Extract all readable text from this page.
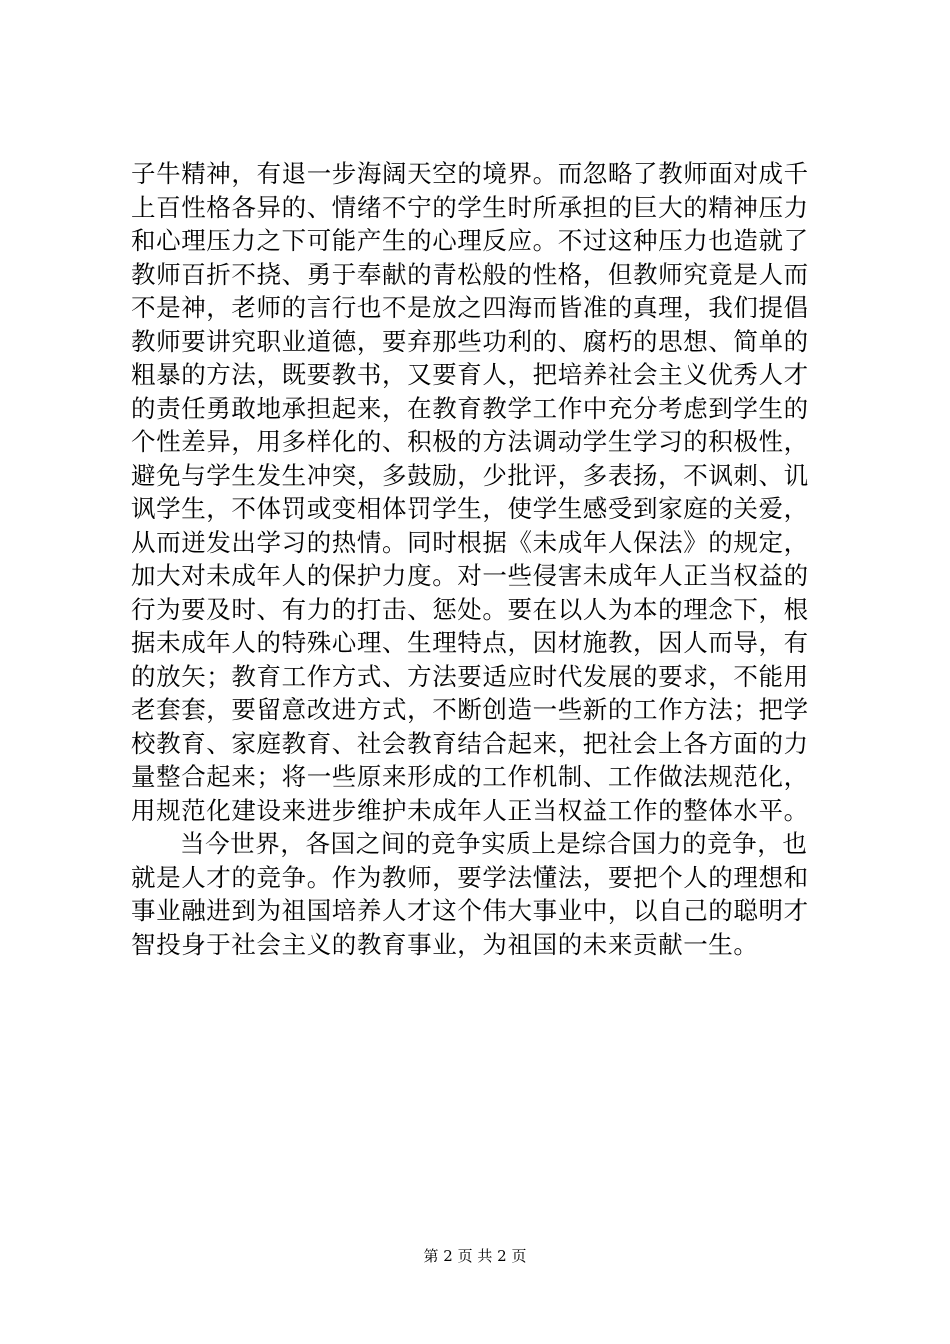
子牛精神，有退一步海阔天空的境界。而忽略了教师面对成千
上百性格各异的、情绪不宁的学生时所承担的巨大的精神压力
和心理压力之下可能产生的心理反应。不过这种压力也造就了
教师百折不挠、勇于奉献的青松般的性格，但教师究竟是人而
不是神，老师的言行也不是放之四海而皆准的真理，我们提倡
教师要讲究职业道德，要弃那些功利的、腐朽的思想、简单的
粗暴的方法，既要教书，又要育人，把培养社会主义优秀人才
的责任勇敢地承担起来，在教育教学工作中充分考虑到学生的
个性差异，用多样化的、积极的方法调动学生学习的积极性，
避免与学生发生冲突，多鼓励，少批评，多表扬，不讽刺、讥
讽学生，不体罚或变相体罚学生，使学生感受到家庭的关爱，
从而迸发出学习的热情。同时根据《未成年人保法》的规定，
加大对未成年人的保护力度。对一些侵害未成年人正当权益的
行为要及时、有力的打击、惩处。要在以人为本的理念下，根
据未成年人的特殊心理、生理特点，因材施教，因人而导，有
的放矢；教育工作方式、方法要适应时代发展的要求，不能用
老套套，要留意改进方式，不断创造一些新的工作方法；把学
校教育、家庭教育、社会教育结合起来，把社会上各方面的力
量整合起来；将一些原来形成的工作机制、工作做法规范化，
用规范化建设来进步维护未成年人正当权益工作的整体水平。
当今世界，各国之间的竞争实质上是综合国力的竞争，也
就是人才的竞争。作为教师，要学法懂法，要把个人的理想和
事业融进到为祖国培养人才这个伟大事业中，以自己的聪明才
智投身于社会主义的教育事业，为祖国的未来贡献一生。
第 2 页 共 2 页
